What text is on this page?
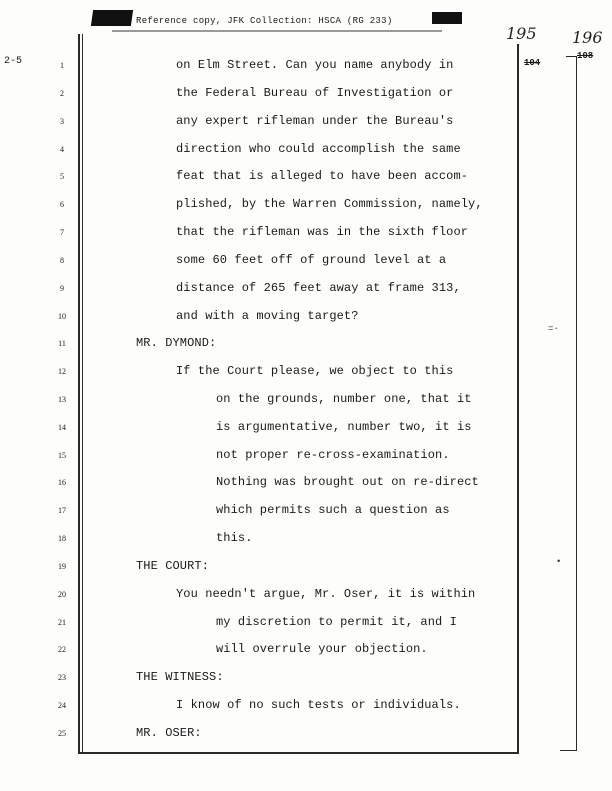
Reference copy, JFK Collection: HSCA (RG 233)
195 196
104
108
2-5
=·
•
1	on Elm Street. Can you name anybody in
2	the Federal Bureau of Investigation or
3	any expert rifleman under the Bureau's
4	direction who could accomplish the same
5	feat that is alleged to have been accom-
6	plished, by the Warren Commission, namely,
7	that the rifleman was in the sixth floor
8	some 60 feet off of ground level at a
9	distance of 265 feet away at frame 313,
10	and with a moving target?
11	MR. DYMOND:
12	If the Court please, we object to this
13	on the grounds, number one, that it
14	is argumentative, number two, it is
15	not proper re-cross-examination.
16	Nothing was brought out on re-direct
17	which permits such a question as
18	this.
19	THE COURT:
20	You needn't argue, Mr. Oser, it is within
21	my discretion to permit it, and I
22	will overrule your objection.
23	THE WITNESS:
24	I know of no such tests or individuals.
25	MR. OSER:
